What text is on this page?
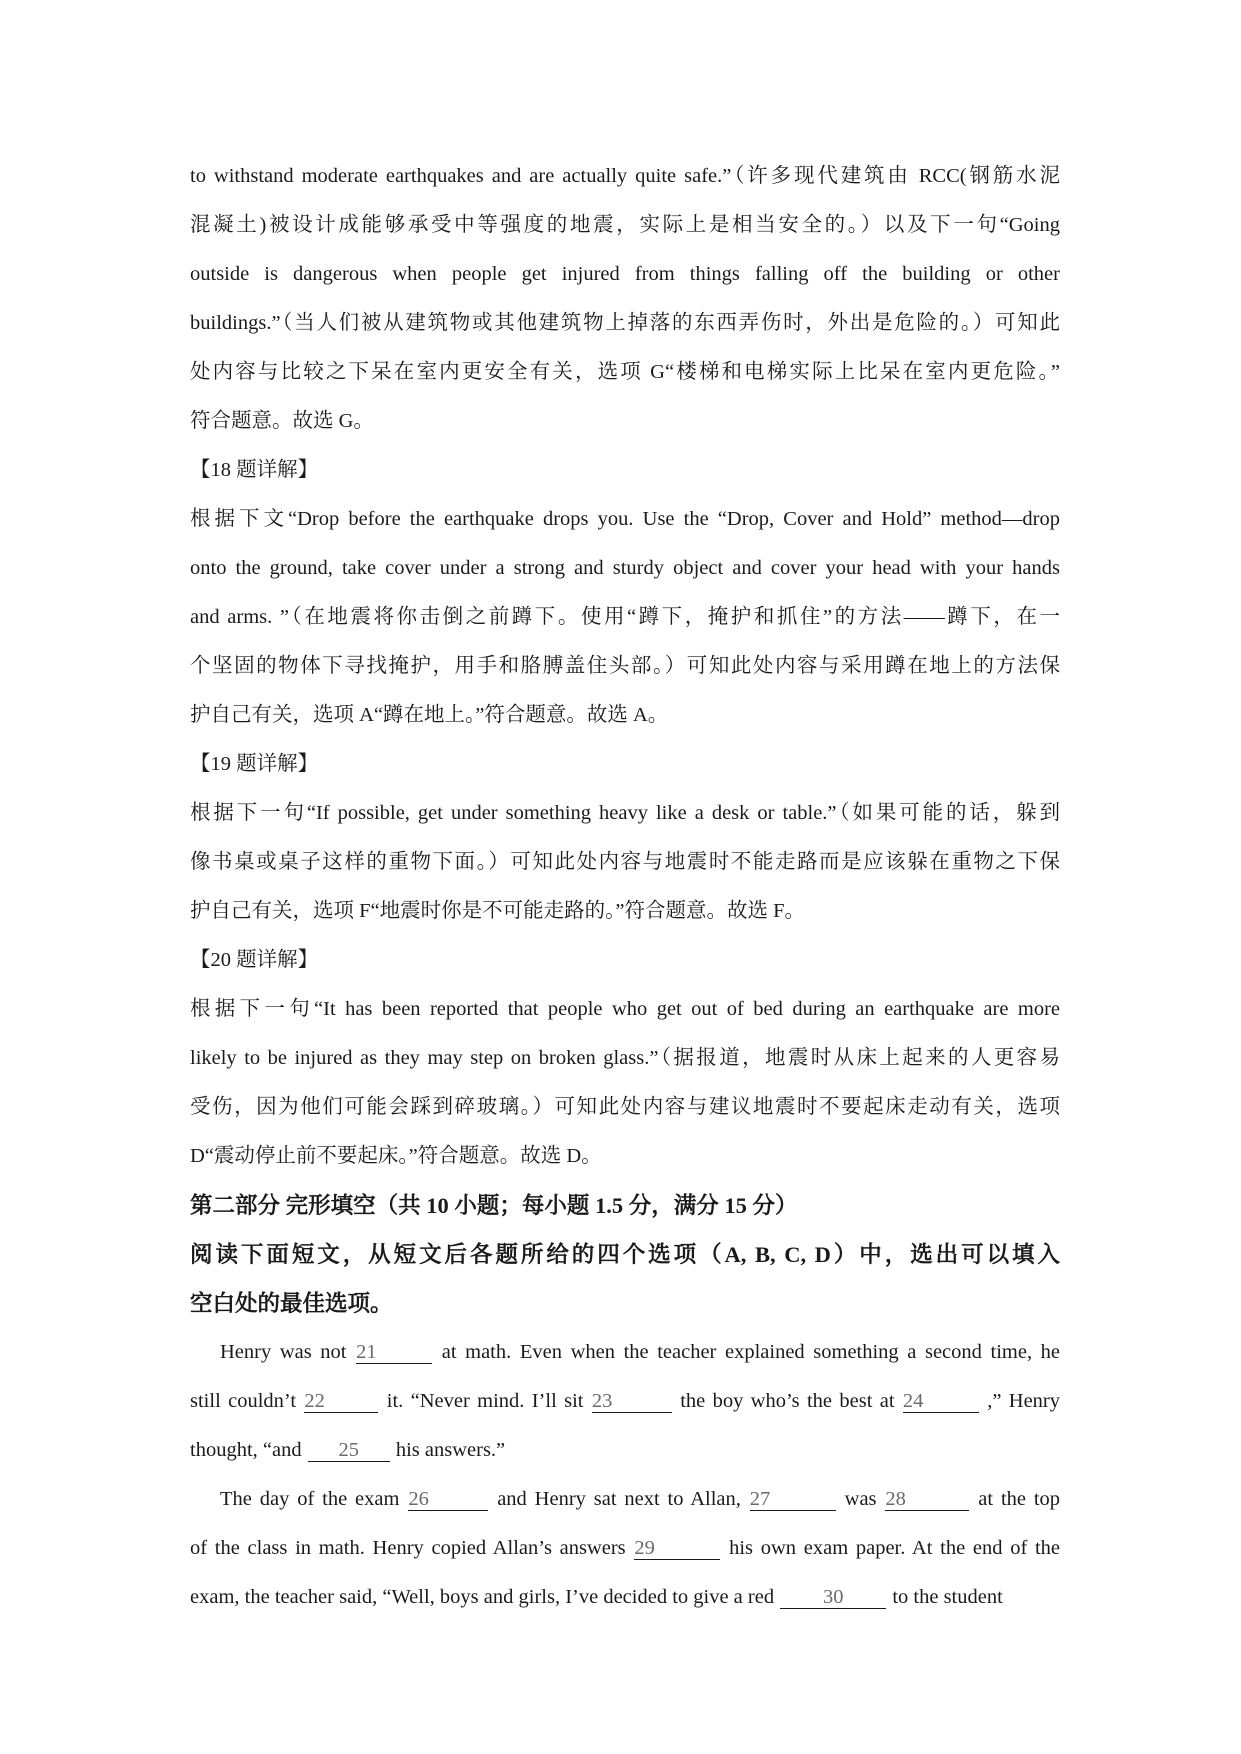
to withstand moderate earthquakes and are actually quite safe.”（许多现代建筑由 RCC(钢筋水泥
混凝土)被设计成能够承受中等强度的地震，实际上是相当安全的。）以及下一句“Going
outside is dangerous when people get injured from things falling off the building or other
buildings.”（当人们被从建筑物或其他建筑物上掉落的东西弄伤时，外出是危险的。）可知此
处内容与比较之下呆在室内更安全有关，选项 G“楼梯和电梯实际上比呆在室内更危险。”
符合题意。故选 G。
【18 题详解】
根据下文“Drop before the earthquake drops you. Use the “Drop, Cover and Hold” method—drop
onto the ground, take cover under a strong and sturdy object and cover your head with your hands
and arms. ”（在地震将你击倒之前蹲下。使用“蹲下，掩护和抓住”的方法——蹲下，在一
个坚固的物体下寻找掩护，用手和胳膊盖住头部。）可知此处内容与采用蹲在地上的方法保
护自己有关，选项 A“蹲在地上。”符合题意。故选 A。
【19 题详解】
根据下一句“If possible, get under something heavy like a desk or table.”（如果可能的话，躲到
像书桌或桌子这样的重物下面。）可知此处内容与地震时不能走路而是应该躲在重物之下保
护自己有关，选项 F“地震时你是不可能走路的。”符合题意。故选 F。
【20 题详解】
根据下一句“It has been reported that people who get out of bed during an earthquake are more
likely to be injured as they may step on broken glass.”（据报道，地震时从床上起来的人更容易
受伤，因为他们可能会踩到碎玻璃。）可知此处内容与建议地震时不要起床走动有关，选项
D“震动停止前不要起床。”符合题意。故选 D。
第二部分 完形填空（共 10 小题；每小题 1.5 分，满分 15 分）
阅读下面短文，从短文后各题所给的四个选项（A, B, C, D）中，选出可以填入
空白处的最佳选项。
Henry was not 21	at math. Even when the teacher explained something a second time, he
still couldn’t 22	it. “Never mind. I’ll sit 23	the boy who’s the best at 24	,” Henry
thought, “and 25 his answers.”
The day of the exam 26	and Henry sat next to Allan, 27	was 28	at the top
of the class in math. Henry copied Allan’s answers 29	his own exam paper. At the end of the
exam, the teacher said, “Well, boys and girls, I’ve decided to give a red 30 to the student
